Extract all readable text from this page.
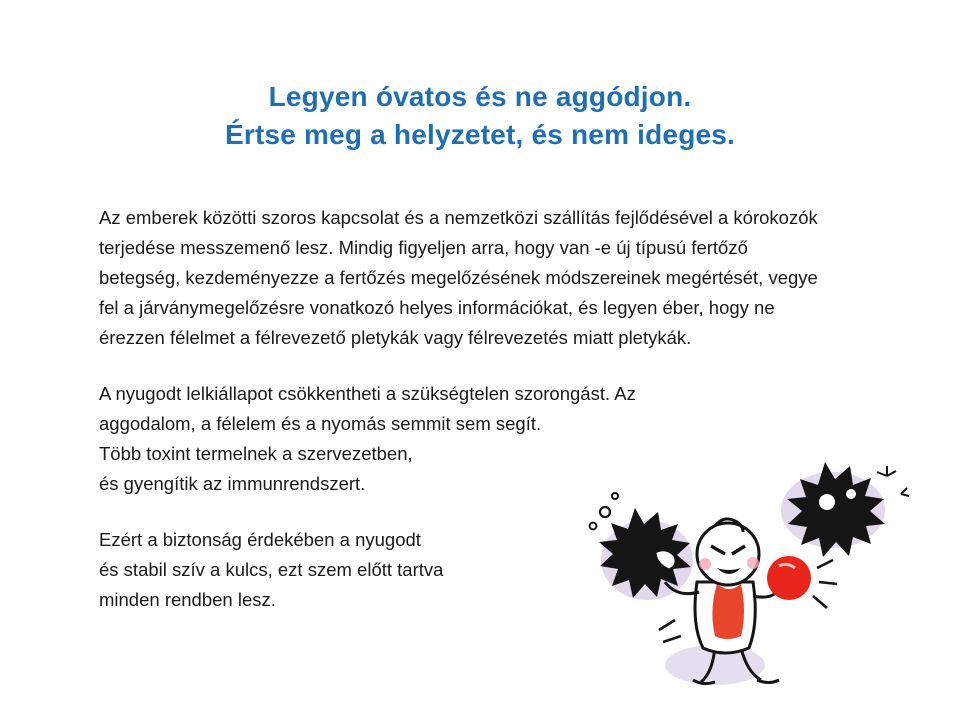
Legyen óvatos és ne aggódjon.
Értse meg a helyzetet, és nem ideges.

Az emberek közötti szoros kapcsolat és a nemzetközi szállítás fejlődésével a kórokozók terjedése messzemenő lesz. Mindig figyeljen arra, hogy van -e új típusú fertőző betegség, kezdeményezze a fertőzés megelőzésének módszereinek megértését, vegye fel a járványmegelőzésre vonatkozó helyes információkat, és legyen éber, hogy ne érezzen félelmet a félrevezető pletykák vagy félrevezetés miatt pletykák.

A nyugodt lelkiállapot csökkentheti a szükségtelen szorongást. Az

aggodalom, a félelem és a nyomás semmit sem segít.

Több toxint termelnek a szervezetben,

és gyengítik az immunrendszert.

Ezért a biztonság érdekében a nyugodt

és stabil szív a kulcs, ezt szem előtt tartva

minden rendben lesz.
